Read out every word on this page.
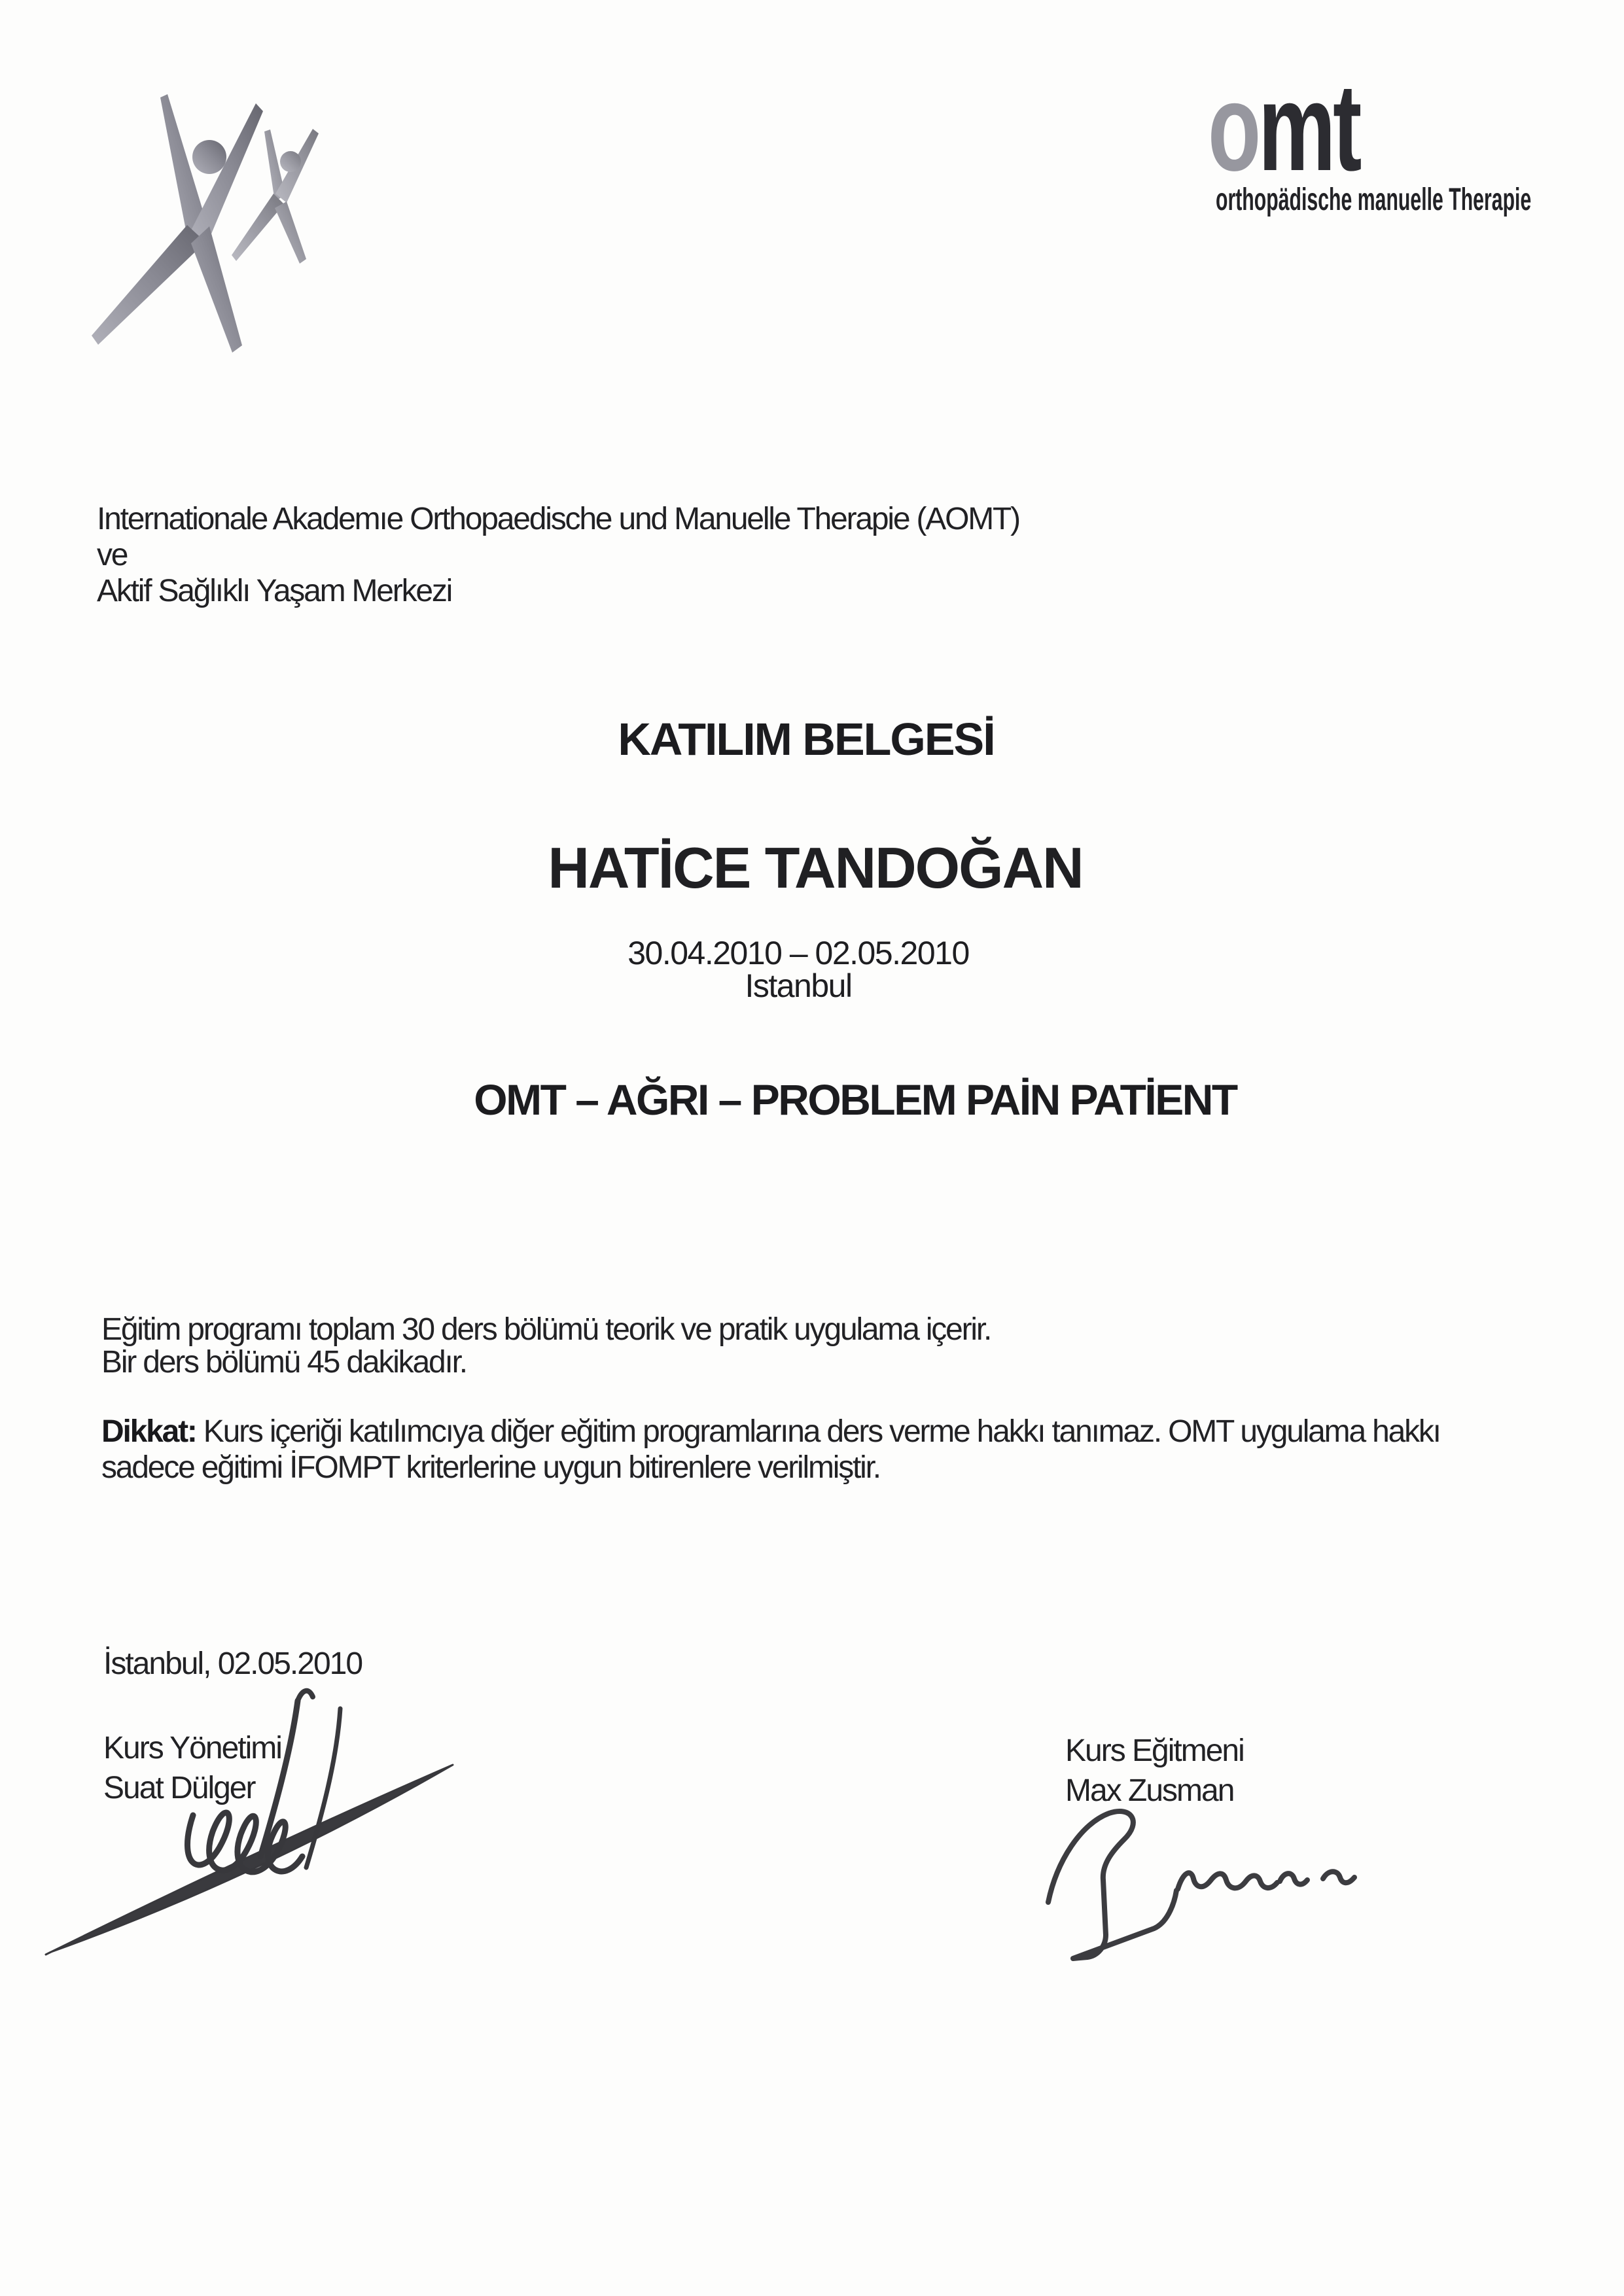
omt
orthopädische manuelle Therapie
Internationale Akademıe Orthopaedische und Manuelle Therapie (AOMT)
ve
Aktif Sağlıklı Yaşam Merkezi
KATILIM BELGESİ
HATİCE TANDOĞAN
30.04.2010 – 02.05.2010
Istanbul
OMT – AĞRI – PROBLEM PAİN PATİENT
Eğitim programı toplam 30 ders bölümü teorik ve pratik uygulama içerir.
Bir ders bölümü 45 dakikadır.
Dikkat: Kurs içeriği katılımcıya diğer eğitim programlarına ders verme hakkı tanımaz. OMT uygulama hakkı
sadece eğitimi İFOMPT kriterlerine uygun bitirenlere verilmiştir.
İstanbul, 02.05.2010
Kurs Yönetimi
Suat Dülger
Kurs Eğitmeni
Max Zusman
